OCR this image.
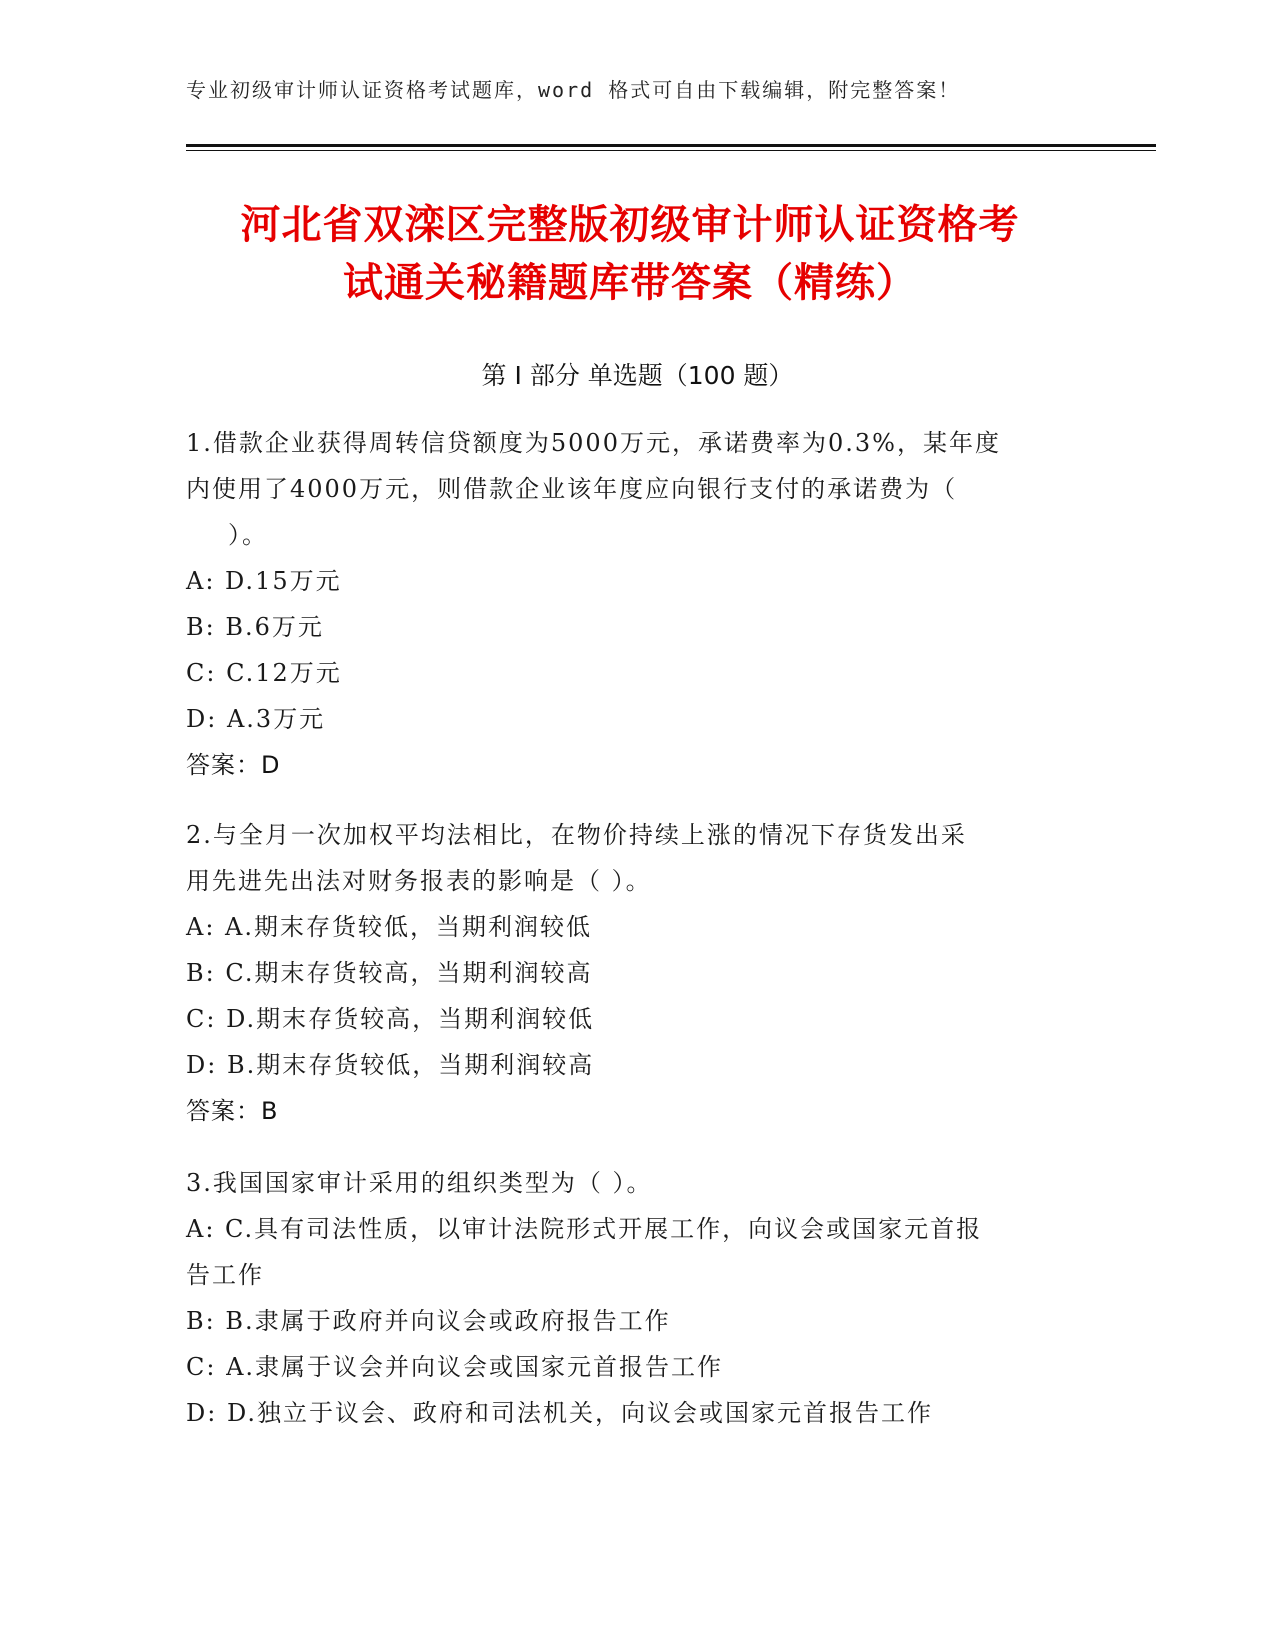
专业初级审计师认证资格考试题库，word 格式可自由下载编辑，附完整答案！
河北省双滦区完整版初级审计师认证资格考
试通关秘籍题库带答案（精练）
第 I 部分 单选题（100 题）

1.借款企业获得周转信贷额度为5000万元，承诺费率为0.3%，某年度

内使用了4000万元，则借款企业该年度应向银行支付的承诺费为（

）。

A: D.15万元

B: B.6万元

C: C.12万元

D: A.3万元

答案：D

2.与全月一次加权平均法相比，在物价持续上涨的情况下存货发出采

用先进先出法对财务报表的影响是（ ）。

A: A.期末存货较低，当期利润较低

B: C.期末存货较高，当期利润较高

C: D.期末存货较高，当期利润较低

D: B.期末存货较低，当期利润较高

答案：B

3.我国国家审计采用的组织类型为（ ）。

A: C.具有司法性质，以审计法院形式开展工作，向议会或国家元首报

告工作

B: B.隶属于政府并向议会或政府报告工作

C: A.隶属于议会并向议会或国家元首报告工作

D: D.独立于议会、政府和司法机关，向议会或国家元首报告工作
